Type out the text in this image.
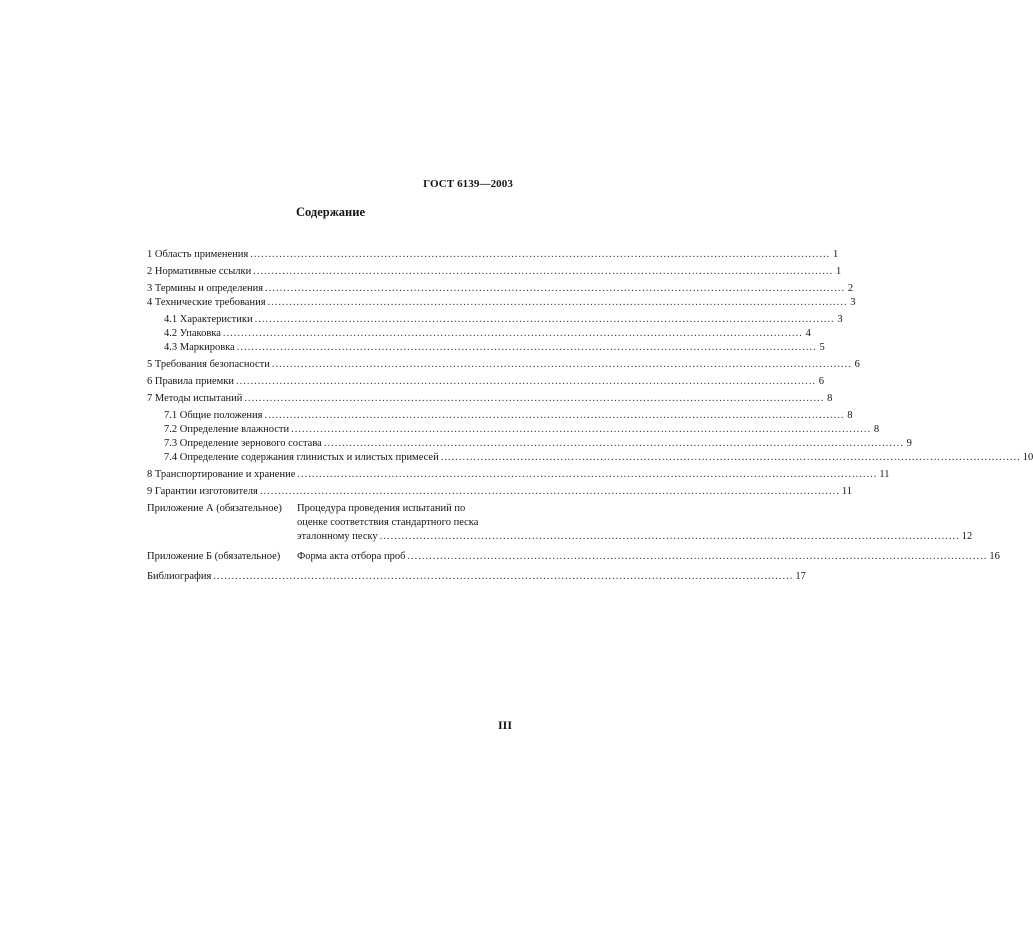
ГОСТ 6139—2003
Содержание
1 Область применения .....	1
2 Нормативные ссылки .....	1
3 Термины и определения .....	2
4 Технические требования .....	3
4.1 Характеристики .....	3
4.2 Упаковка .....	4
4.3 Маркировка .....	5
5 Требования безопасности .....	6
6 Правила приемки .....	6
7 Методы испытаний .....	8
7.1 Общие положения .....	8
7.2 Определение влажности .....	8
7.3 Определение зернового состава .....	9
7.4 Определение содержания глинистых и илистых примесей .....	10
8 Транспортирование и хранение .....	11
9 Гарантии изготовителя .....	11
Приложение А (обязательное)	Процедура проведения испытаний по
оценке соответствия стандартного песка
эталонному песку .....	12
Приложение Б (обязательное)	Форма акта отбора проб .....	16
Библиография .....	17
III
